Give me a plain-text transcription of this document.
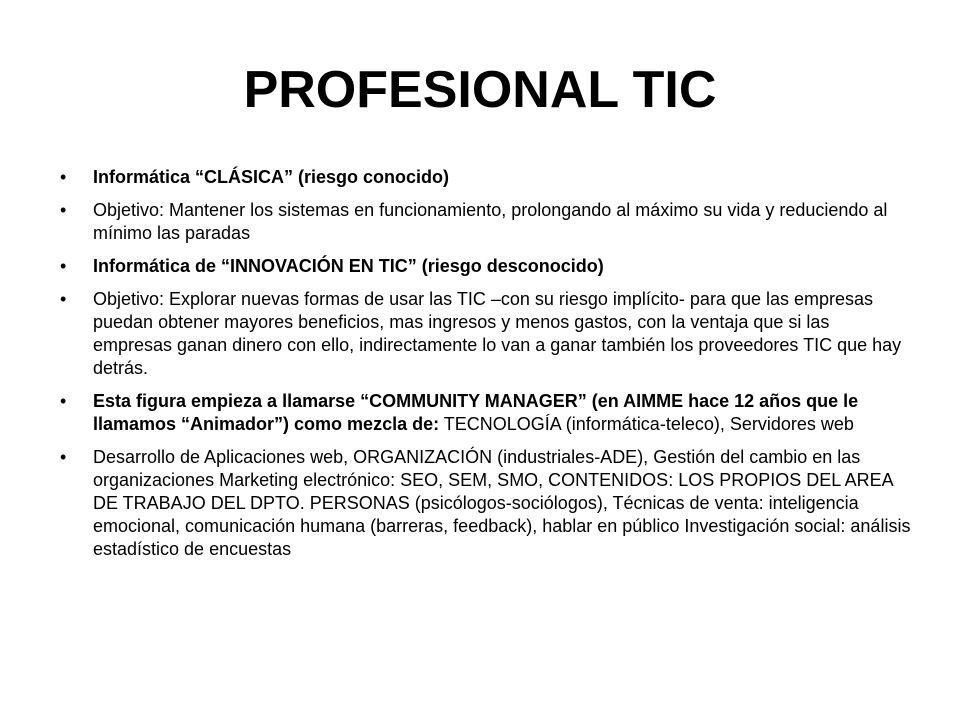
PROFESIONAL TIC
•	Informática “CLÁSICA” (riesgo conocido)
•	Objetivo: Mantener los sistemas en funcionamiento, prolongando al máximo su vida y reduciendo al mínimo las paradas
•	Informática de “INNOVACIÓN EN TIC” (riesgo desconocido)
•	Objetivo: Explorar nuevas formas de usar las TIC –con su riesgo implícito- para que las empresas puedan obtener mayores beneficios, mas ingresos y menos gastos, con la ventaja que si las empresas ganan dinero con ello, indirectamente lo van a ganar también los proveedores TIC que hay detrás.
•	Esta figura empieza a llamarse “COMMUNITY MANAGER” (en AIMME hace 12 años que le llamamos “Animador”) como mezcla de: TECNOLOGÍA (informática-teleco), Servidores web
•	Desarrollo de Aplicaciones web, ORGANIZACIÓN (industriales-ADE), Gestión del cambio en las organizaciones Marketing electrónico: SEO, SEM, SMO, CONTENIDOS: LOS PROPIOS DEL AREA DE TRABAJO DEL DPTO. PERSONAS (psicólogos-sociólogos), Técnicas de venta: inteligencia emocional, comunicación humana (barreras, feedback), hablar en público Investigación social: análisis estadístico de encuestas
